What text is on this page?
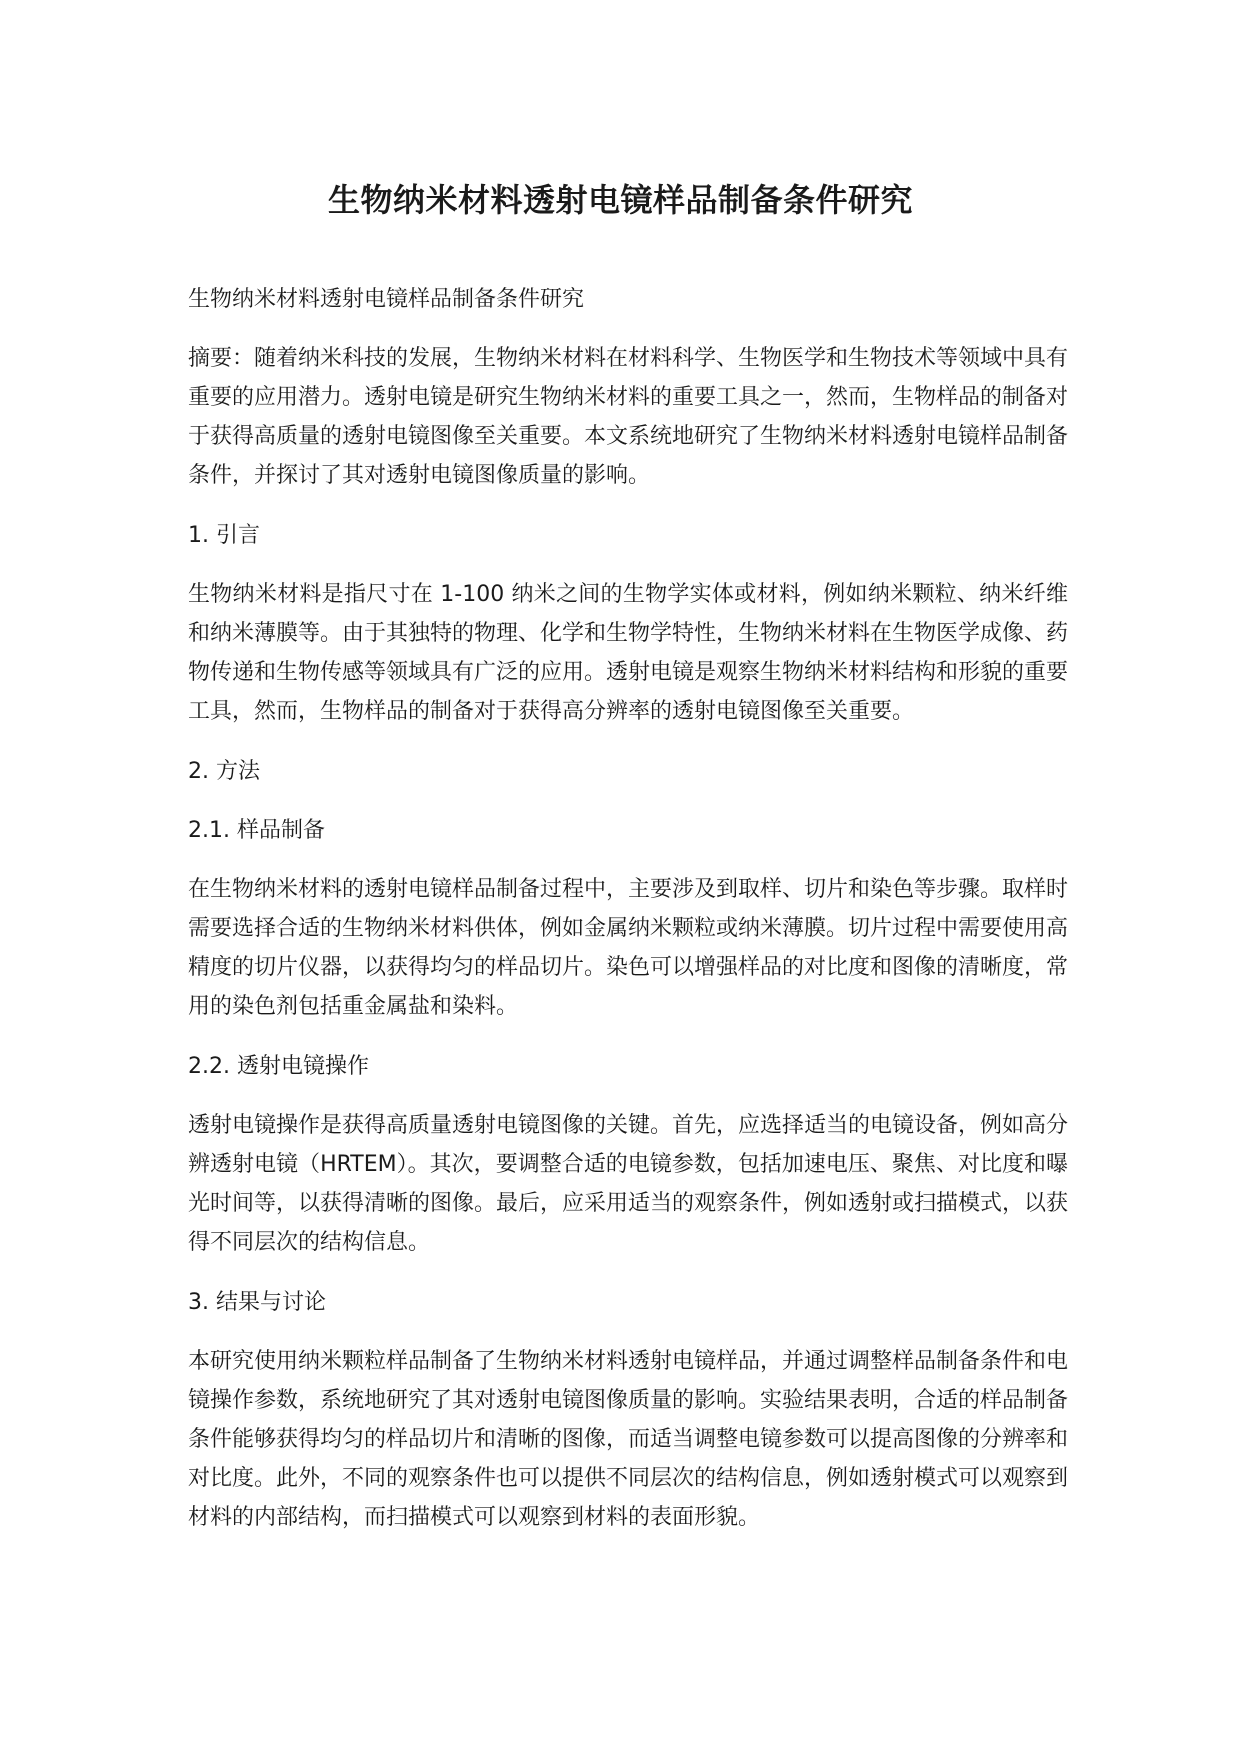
生物纳米材料透射电镜样品制备条件研究

生物纳米材料透射电镜样品制备条件研究

摘要：随着纳米科技的发展，生物纳米材料在材料科学、生物医学和生物技术等领域中具有重要的应用潜力。透射电镜是研究生物纳米材料的重要工具之一，然而，生物样品的制备对于获得高质量的透射电镜图像至关重要。本文系统地研究了生物纳米材料透射电镜样品制备条件，并探讨了其对透射电镜图像质量的影响。

1. 引言

生物纳米材料是指尺寸在 1-100 纳米之间的生物学实体或材料，例如纳米颗粒、纳米纤维和纳米薄膜等。由于其独特的物理、化学和生物学特性，生物纳米材料在生物医学成像、药物传递和生物传感等领域具有广泛的应用。透射电镜是观察生物纳米材料结构和形貌的重要工具，然而，生物样品的制备对于获得高分辨率的透射电镜图像至关重要。

2. 方法

2.1. 样品制备

在生物纳米材料的透射电镜样品制备过程中，主要涉及到取样、切片和染色等步骤。取样时需要选择合适的生物纳米材料供体，例如金属纳米颗粒或纳米薄膜。切片过程中需要使用高精度的切片仪器，以获得均匀的样品切片。染色可以增强样品的对比度和图像的清晰度，常用的染色剂包括重金属盐和染料。

2.2. 透射电镜操作

透射电镜操作是获得高质量透射电镜图像的关键。首先，应选择适当的电镜设备，例如高分辨透射电镜（HRTEM）。其次，要调整合适的电镜参数，包括加速电压、聚焦、对比度和曝光时间等，以获得清晰的图像。最后，应采用适当的观察条件，例如透射或扫描模式，以获得不同层次的结构信息。

3. 结果与讨论

本研究使用纳米颗粒样品制备了生物纳米材料透射电镜样品，并通过调整样品制备条件和电镜操作参数，系统地研究了其对透射电镜图像质量的影响。实验结果表明，合适的样品制备条件能够获得均匀的样品切片和清晰的图像，而适当调整电镜参数可以提高图像的分辨率和对比度。此外，不同的观察条件也可以提供不同层次的结构信息，例如透射模式可以观察到材料的内部结构，而扫描模式可以观察到材料的表面形貌。
